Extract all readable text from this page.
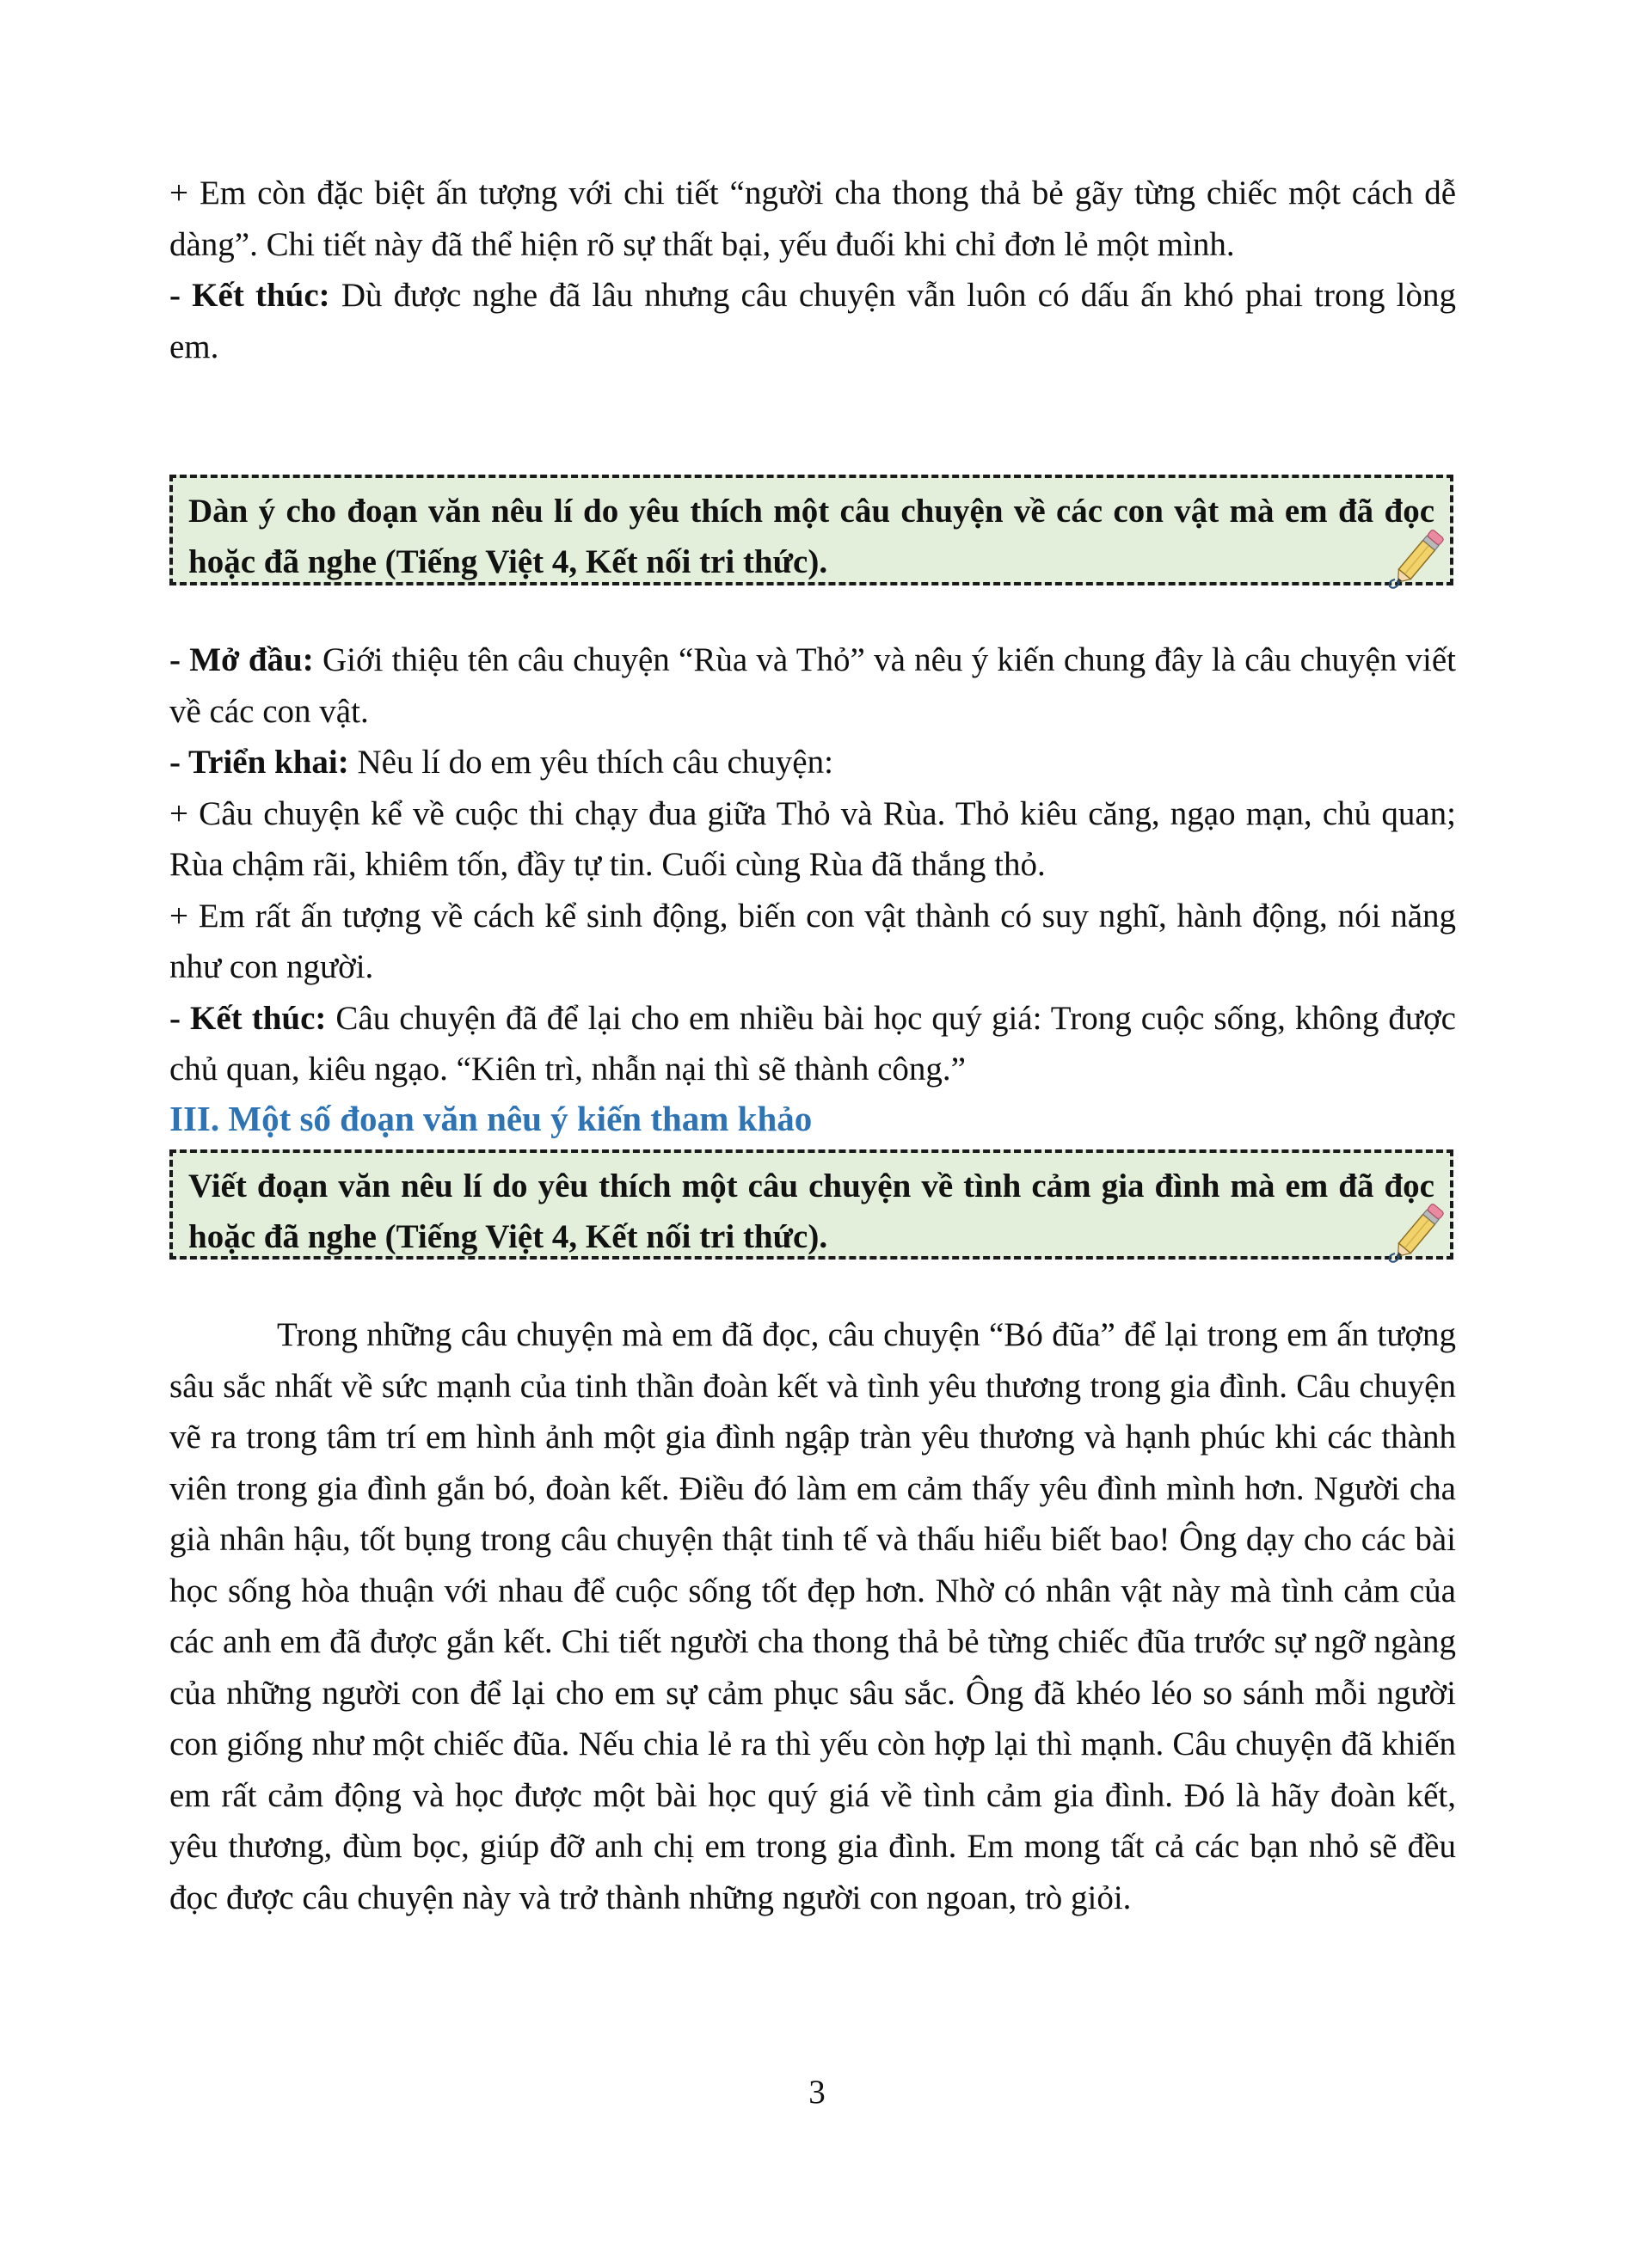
+ Em còn đặc biệt ấn tượng với chi tiết “người cha thong thả bẻ gãy từng chiếc một cách dễ dàng”. Chi tiết này đã thể hiện rõ sự thất bại, yếu đuối khi chỉ đơn lẻ một mình.

- Kết thúc: Dù được nghe đã lâu nhưng câu chuyện vẫn luôn có dấu ấn khó phai trong lòng em.

Dàn ý cho đoạn văn nêu lí do yêu thích một câu chuyện về các con vật mà em đã đọc hoặc đã nghe (Tiếng Việt 4, Kết nối tri thức).

- Mở đầu: Giới thiệu tên câu chuyện “Rùa và Thỏ” và nêu ý kiến chung đây là câu chuyện viết về các con vật.

- Triển khai: Nêu lí do em yêu thích câu chuyện:

+ Câu chuyện kể về cuộc thi chạy đua giữa Thỏ và Rùa. Thỏ kiêu căng, ngạo mạn, chủ quan; Rùa chậm rãi, khiêm tốn, đầy tự tin. Cuối cùng Rùa đã thắng thỏ.

+ Em rất ấn tượng về cách kể sinh động, biến con vật thành có suy nghĩ, hành động, nói năng như con người.

- Kết thúc: Câu chuyện đã để lại cho em nhiều bài học quý giá: Trong cuộc sống, không được chủ quan, kiêu ngạo. “Kiên trì, nhẫn nại thì sẽ thành công.”

III. Một số đoạn văn nêu ý kiến tham khảo

Viết đoạn văn nêu lí do yêu thích một câu chuyện về tình cảm gia đình mà em đã đọc hoặc đã nghe (Tiếng Việt 4, Kết nối tri thức).

Trong những câu chuyện mà em đã đọc, câu chuyện “Bó đũa” để lại trong em ấn tượng sâu sắc nhất về sức mạnh của tinh thần đoàn kết và tình yêu thương trong gia đình. Câu chuyện vẽ ra trong tâm trí em hình ảnh một gia đình ngập tràn yêu thương và hạnh phúc khi các thành viên trong gia đình gắn bó, đoàn kết. Điều đó làm em cảm thấy yêu đình mình hơn. Người cha già nhân hậu, tốt bụng trong câu chuyện thật tinh tế và thấu hiểu biết bao! Ông dạy cho các bài học sống hòa thuận với nhau để cuộc sống tốt đẹp hơn. Nhờ có nhân vật này mà tình cảm của các anh em đã được gắn kết. Chi tiết người cha thong thả bẻ từng chiếc đũa trước sự ngỡ ngàng của những người con để lại cho em sự cảm phục sâu sắc. Ông đã khéo léo so sánh mỗi người con giống như một chiếc đũa. Nếu chia lẻ ra thì yếu còn hợp lại thì mạnh. Câu chuyện đã khiến em rất cảm động và học được một bài học quý giá về tình cảm gia đình. Đó là hãy đoàn kết, yêu thương, đùm bọc, giúp đỡ anh chị em trong gia đình. Em mong tất cả các bạn nhỏ sẽ đều đọc được câu chuyện này và trở thành những người con ngoan, trò giỏi.

3
